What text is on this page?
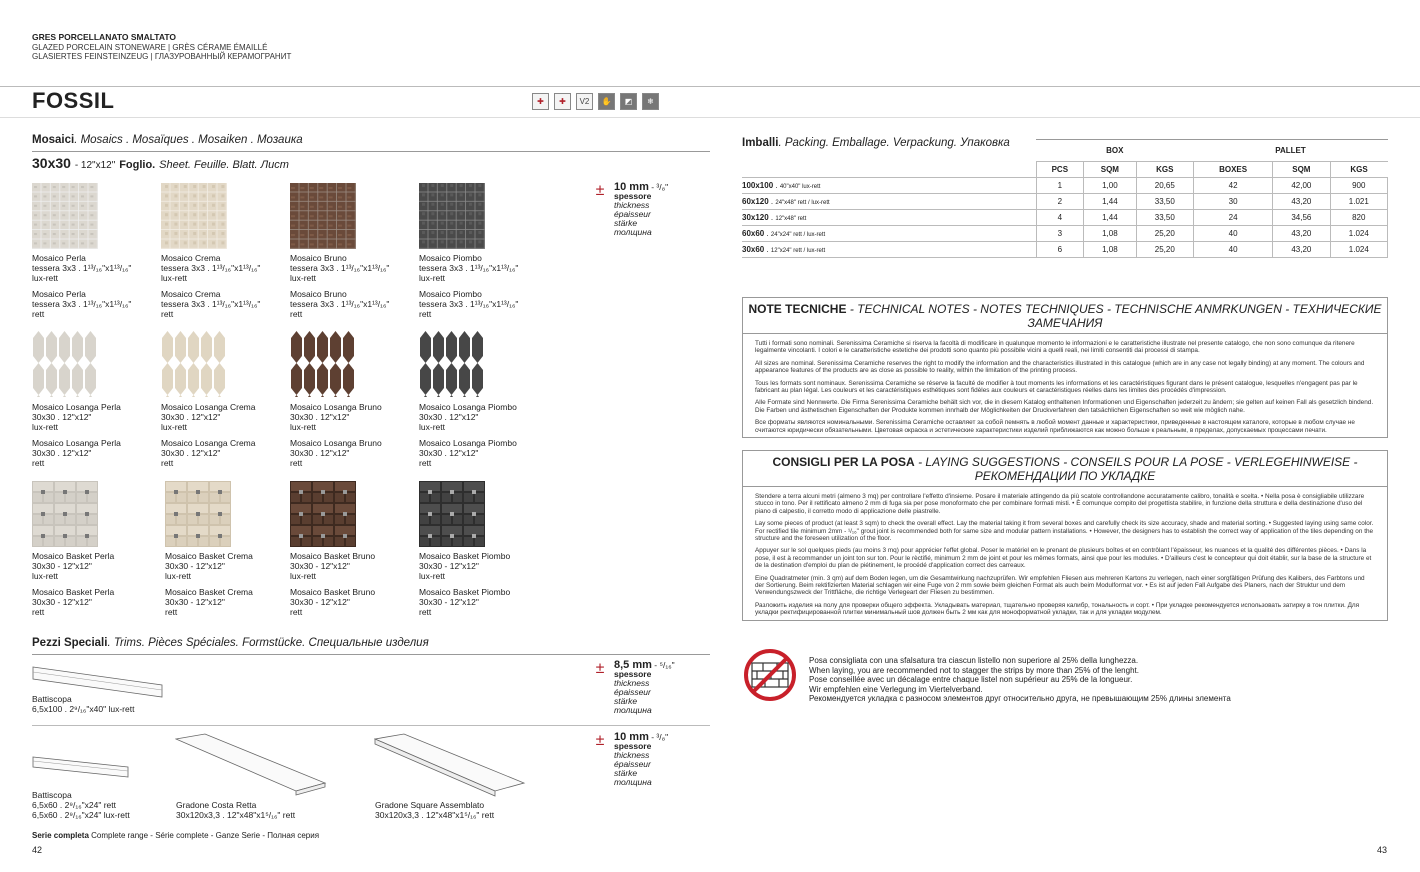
GRES PORCELLANATO SMALTATO
GLAZED PORCELAIN STONEWARE | GRÈS CÉRAME ÉMAILLÉ
GLASIERTES FEINSTEINZEUG | ГЛАЗУРОВАННЫЙ КЕРАМОГРАНИТ
FOSSIL	✚	✚	V2	✋	◩	❄
Mosaici. Mosaics . Mosaïques . Mosaiken . Мозаика
30x30 - 12"x12" Foglio. Sheet. Feuille. Blatt. Лист
± 10 mm - ³/₈"
spessore
thickness
épaisseur
stärke
толщина
Mosaico Perla
tessera 3x3 . 1¹³/₁₆"x1¹³/₁₆"
lux-rett
Mosaico Perla
tessera 3x3 . 1¹³/₁₆"x1¹³/₁₆"
rett
Mosaico Crema
tessera 3x3 . 1¹³/₁₆"x1¹³/₁₆"
lux-rett
Mosaico Crema
tessera 3x3 . 1¹³/₁₆"x1¹³/₁₆"
rett
Mosaico Bruno
tessera 3x3 . 1¹³/₁₆"x1¹³/₁₆"
lux-rett
Mosaico Bruno
tessera 3x3 . 1¹³/₁₆"x1¹³/₁₆"
rett
Mosaico Piombo
tessera 3x3 . 1¹³/₁₆"x1¹³/₁₆"
lux-rett
Mosaico Piombo
tessera 3x3 . 1¹³/₁₆"x1¹³/₁₆"
rett
Mosaico Losanga Perla
30x30 . 12"x12"
lux-rett
Mosaico Losanga Perla
30x30 . 12"x12"
rett
Mosaico Losanga Crema
30x30 . 12"x12"
lux-rett
Mosaico Losanga Crema
30x30 . 12"x12"
rett
Mosaico Losanga Bruno
30x30 . 12"x12"
lux-rett
Mosaico Losanga Bruno
30x30 . 12"x12"
rett
Mosaico Losanga Piombo
30x30 . 12"x12"
lux-rett
Mosaico Losanga Piombo
30x30 . 12"x12"
rett
Mosaico Basket Perla
30x30 - 12"x12"
lux-rett
Mosaico Basket Perla
30x30 - 12"x12"
rett
Mosaico Basket Crema
30x30 - 12"x12"
lux-rett
Mosaico Basket Crema
30x30 - 12"x12"
rett
Mosaico Basket Bruno
30x30 - 12"x12"
lux-rett
Mosaico Basket Bruno
30x30 - 12"x12"
rett
Mosaico Basket Piombo
30x30 - 12"x12"
lux-rett
Mosaico Basket Piombo
30x30 - 12"x12"
rett
Pezzi Speciali. Trims. Pièces Spéciales. Formstücke. Специальные изделия
Battiscopa
6,5x100 . 2⁹/₁₆"x40" lux-rett
± 8,5 mm - ⁵/₁₆"
spessore
thickness
épaisseur
stärke
толщина
± 10 mm - ³/₈"
spessore
thickness
épaisseur
stärke
толщина
Battiscopa
6,5x60 . 2⁹/₁₆"x24" rett
6,5x60 . 2⁹/₁₆"x24" lux-rett
Gradone Costa Retta
30x120x3,3 . 12"x48"x1⁵/₁₆" rett
Gradone Square Assemblato
30x120x3,3 . 12"x48"x1⁵/₁₆" rett
Serie completa Complete range - Série complete - Ganze Serie - Полная серия
42	43
Imballi. Packing. Emballage. Verpackung. Упаковка
	BOX			PALLET		
	PCS	SQM	KGS	BOXES	SQM	KGS
100x100 . 40"x40" lux-rett	1	1,00	20,65	42	42,00	900
60x120 . 24"x48" rett / lux-rett	2	1,44	33,50	30	43,20	1.021
30x120 . 12"x48" rett	4	1,44	33,50	24	34,56	820
60x60 . 24"x24" rett / lux-rett	3	1,08	25,20	40	43,20	1.024
30x60 . 12"x24" rett / lux-rett	6	1,08	25,20	40	43,20	1.024
NOTE TECNICHE - TECHNICAL NOTES - NOTES TECHNIQUES - TECHNISCHE ANMRKUNGEN - ТЕХНИЧЕСКИЕ ЗАМЕЧАНИЯ

Tutti i formati sono nominali. Serenissima Ceramiche si riserva la facoltà di modificare in qualunque momento le informazioni e le caratteristiche illustrate nel presente catalogo, che non sono comunque da ritenere legalmente vincolanti. I colori e le caratteristiche estetiche dei prodotti sono quanto più possibile vicini a quelli reali, nei limiti consentiti dai processi di stampa.

All sizes are nominal. Serenissima Ceramiche reserves the right to modify the information and the characteristics illustrated in this catalogue (which are in any case not legally binding) at any moment. The colours and appearance features of the products are as close as possible to reality, within the limitation of the printing process.

Tous les formats sont nominaux. Serenissima Ceramiche se réserve la faculté de modifier à tout moments les informations et les caractéristiques figurant dans le présent catalogue, lesquelles n'engagent pas par le fabricant au plan légal. Les couleurs et les caractéristiques esthétiques sont fidèles aux couleurs et caractéristiques réelles dans les limites des procédés d'impression.

Alle Formate sind Nennwerte. Die Firma Serenissima Ceramiche behält sich vor, die in diesem Katalog enthaltenen Informationen und Eigenschaften jederzeit zu ändern; sie gelten auf keinen Fall als gesetzlich bindend. Die Farben und ästhetischen Eigenschaften der Produkte kommen innrhalb der Möglichkeiten der Druckverfahren den tatsächlichen Eigenschaften so weit wie möglich nahe.

Все форматы являются номинальными. Serenissima Ceramiche оставляет за собой пемнять в любой момент данные и характеристики, приведенные в настоящем каталоге, которые в любом случае не считаются юридически обязательными. Цветовая окраска и эстетические характеристики изделий приближаются как можно больше к реальным, в пределах, допускаемых процессами печати.

CONSIGLI PER LA POSA - LAYING SUGGESTIONS - CONSEILS POUR LA POSE - VERLEGEHINWEISE - РЕКОМЕНДАЦИИ ПО УКЛАДКЕ

Stendere a terra alcuni metri (almeno 3 mq) per controllare l'effetto d'insieme. Posare il materiale attingendo da più scatole controllandone accuratamente calibro, tonalità e scelta. • Nella posa è consigliabile utilizzare stucco in tono. Per il rettificato almeno 2 mm di fuga sia per pose monoformato che per combinare formati misti. • È comunque compito del progettista stabilire, in funzione della struttura e della destinazione d'uso del piano di calpestio, il corretto modo di applicazione delle piastrelle.

Lay some pieces of product (at least 3 sqm) to check the overall effect. Lay the material taking it from several boxes and carefully check its size accuracy, shade and material sorting. • Suggested laying using same color. For rectified tile minimum 2mm - ¹/₁₆" grout joint is recommended both for same size and modular pattern installations. • However, the designers has to establish the correct way of application of the tiles depending on the structure and the foreseen utilization of the floor.

Appuyer sur le sol quelques pieds (au moins 3 mq) pour apprécier l'effet global. Poser le matériel en le prenant de plusieurs boîtes et en contrôlant l'épaisseur, les nuances et la qualité des différentes pièces. • Dans la pose, il est à recommander un joint ton sur ton. Pour le rèctifié, minimum 2 mm de joint et pour les mêmes formats, ainsi que pour les modules. • D'ailleurs c'est le concepteur qui doit établir, sur la base de la structure et de la destination d'emploi du plan de piétinement, le procédé d'application correct des carreaux.

Eine Quadratmeter (min. 3 qm) auf dem Boden legen, um die Gesamtwirkung nachzuprüfen. Wir empfehlen Fliesen aus mehreren Kartons zu verlegen, nach einer sorgfältigen Prüfung des Kalibers, des Farbtons und der Sortierung. Beim rektifizierten Material schlagen wir eine Fuge von 2 mm sowie beim gleichen Format als auch beim Modulformat vor. • Es ist auf jeden Fall Aufgabe des Planers, nach der Struktur und dem Verwendungszweck der Trittfläche, die richtige Verlegeart der Fliesen zu bestimmen.

Разложить изделия на полу для проверки общего эффекта. Укладывать материал, тщательно проверяя калибр, тональность и сорт. • При укладке рекомендуется использовать затирку в тон плитки. Для укладки ректифицированной плитки минимальный шов должен быть 2 мм как для моноформатной укладки, так и для укладки модулем.

Posa consigliata con una sfalsatura tra ciascun listello non superiore al 25% della lunghezza.
When laying, you are recommended not to stagger the strips by more than 25% of the lenght.
Pose conseillée avec un décalage entre chaque listel non supérieur au 25% de la longueur.
Wir empfehlen eine Verlegung im Viertelverband.
Рекомендуется укладка с разносом элементов друг относительно друга, не превышающим 25% длины элемента
